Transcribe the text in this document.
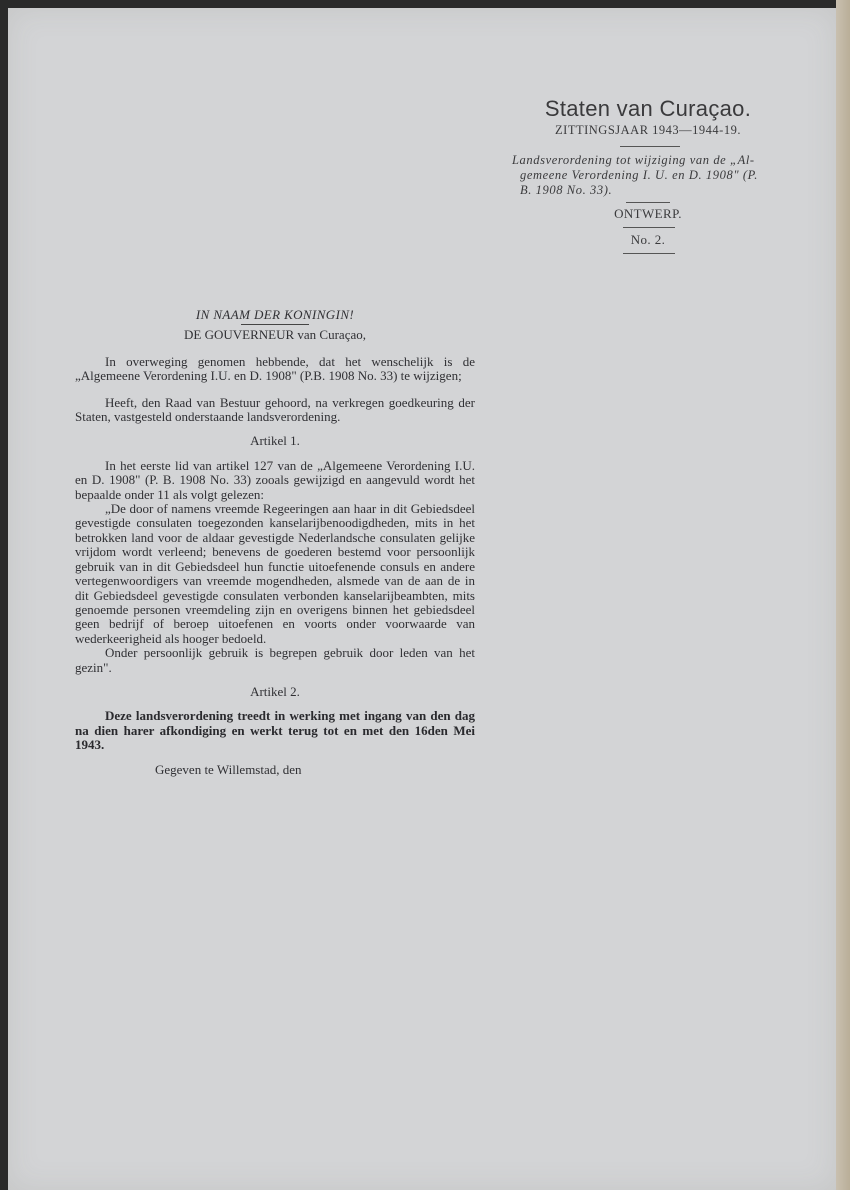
Staten van Curaçao.
ZITTINGSJAAR 1943—1944-19.
Landsverordening tot wijziging van de „Al-
gemeene Verordening I. U. en D. 1908" (P.
B. 1908 No. 33).
ONTWERP.
No. 2.

IN NAAM DER KONINGIN!

DE GOUVERNEUR van Curaçao,

In overweging genomen hebbende, dat het wenschelijk is de „Algemeene Verordening I.U. en D. 1908" (P.B. 1908 No. 33) te wijzigen;

Heeft, den Raad van Bestuur gehoord, na verkregen goedkeuring der Staten, vastgesteld onderstaande landsverordening.

Artikel 1.

In het eerste lid van artikel 127 van de „Algemeene Verordening I.U. en D. 1908" (P. B. 1908 No. 33) zooals gewijzigd en aangevuld wordt het bepaalde onder 11 als volgt gelezen:

„De door of namens vreemde Regeeringen aan haar in dit Gebiedsdeel gevestigde consulaten toegezonden kanselarijbenoodigdheden, mits in het betrokken land voor de aldaar gevestigde Nederlandsche consulaten gelijke vrijdom wordt verleend; benevens de goederen bestemd voor persoonlijk gebruik van in dit Gebiedsdeel hun functie uitoefenende consuls en andere vertegenwoordigers van vreemde mogendheden, alsmede van de aan de in dit Gebiedsdeel gevestigde consulaten verbonden kanselarijbeambten, mits genoemde personen vreemdeling zijn en overigens binnen het gebiedsdeel geen bedrijf of beroep uitoefenen en voorts onder voorwaarde van wederkeerigheid als hooger bedoeld.

Onder persoonlijk gebruik is begrepen gebruik door leden van het gezin".

Artikel 2.

Deze landsverordening treedt in werking met ingang van den dag na dien harer afkondiging en werkt terug tot en met den 16den Mei 1943.

Gegeven te Willemstad, den
